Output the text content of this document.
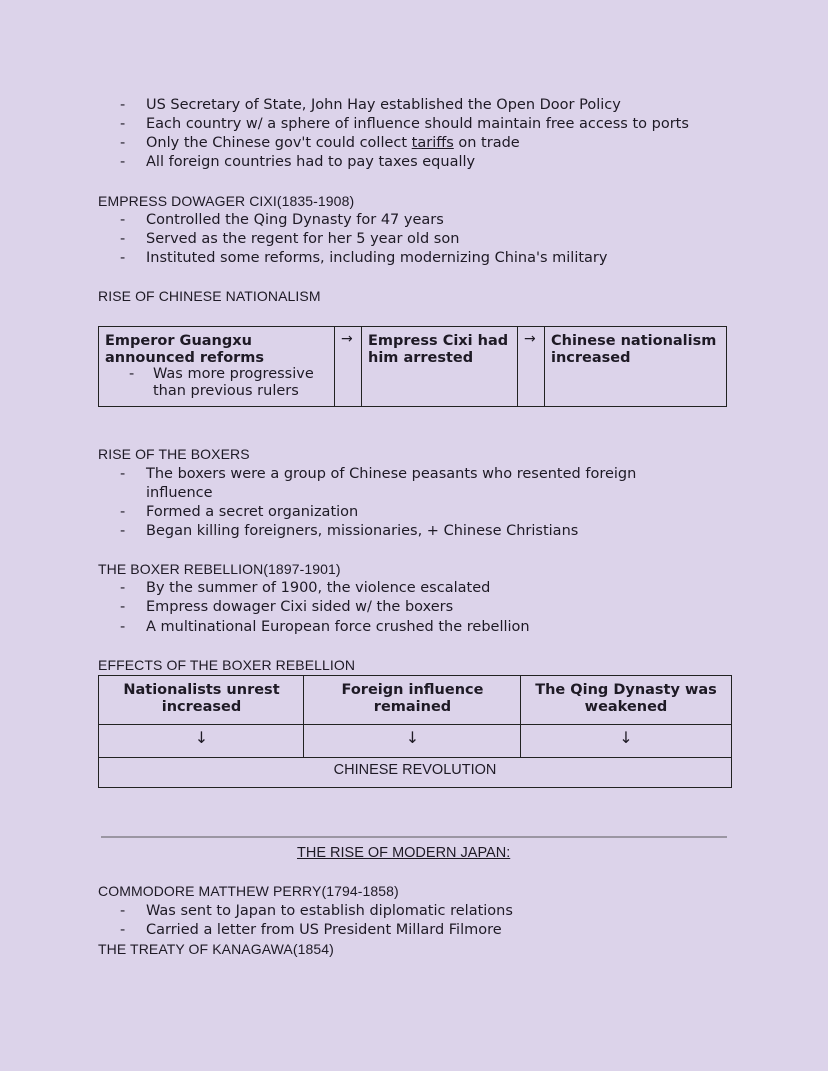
- US Secretary of State, John Hay established the Open Door Policy
- Each country w/ a sphere of influence should maintain free access to ports
- Only the Chinese gov't could collect tariffs on trade
- All foreign countries had to pay taxes equally
EMPRESS DOWAGER CIXI(1835-1908)
- Controlled the Qing Dynasty for 47 years
- Served as the regent for her 5 year old son
- Instituted some reforms, including modernizing China's military
RISE OF CHINESE NATIONALISM
Emperor Guangxu
announced reforms
- Was more progressive
than previous rulers
→ Empress Cixi had
him arrested
→ Chinese nationalism
increased
RISE OF THE BOXERS
- The boxers were a group of Chinese peasants who resented foreign
influence
- Formed a secret organization
- Began killing foreigners, missionaries, + Chinese Christians
THE BOXER REBELLION(1897-1901)
- By the summer of 1900, the violence escalated
- Empress dowager Cixi sided w/ the boxers
- A multinational European force crushed the rebellion
EFFECTS OF THE BOXER REBELLION
Nationalists unrest
increased
Foreign influence
remained
The Qing Dynasty was
weakened
↓	↓	↓
CHINESE REVOLUTION
THE RISE OF MODERN JAPAN:
COMMODORE MATTHEW PERRY(1794-1858)
- Was sent to Japan to establish diplomatic relations
- Carried a letter from US President Millard Filmore
THE TREATY OF KANAGAWA(1854)
